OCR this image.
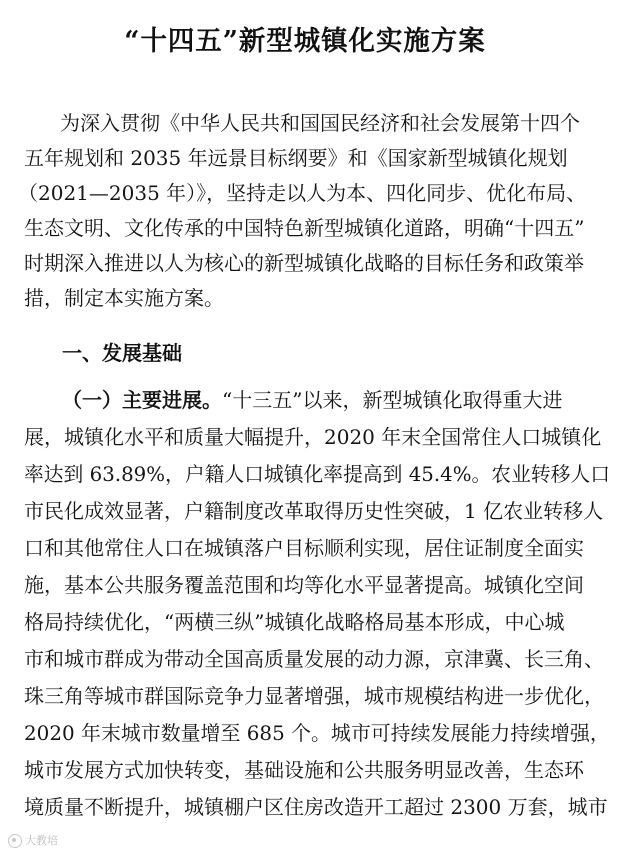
“十四五”新型城镇化实施方案
为深入贯彻《中华人民共和国国民经济和社会发展第十四个
五年规划和 2035 年远景目标纲要》和《国家新型城镇化规划
（2021—2035 年）》，坚持走以人为本、四化同步、优化布局、
生态文明、文化传承的中国特色新型城镇化道路，明确“十四五”
时期深入推进以人为核心的新型城镇化战略的目标任务和政策举
措，制定本实施方案。
一、发展基础
（一）主要进展。“十三五”以来，新型城镇化取得重大进
展，城镇化水平和质量大幅提升，2020 年末全国常住人口城镇化
率达到 63.89%，户籍人口城镇化率提高到 45.4%。农业转移人口
市民化成效显著，户籍制度改革取得历史性突破，1 亿农业转移人
口和其他常住人口在城镇落户目标顺利实现，居住证制度全面实
施，基本公共服务覆盖范围和均等化水平显著提高。城镇化空间
格局持续优化，“两横三纵”城镇化战略格局基本形成，中心城
市和城市群成为带动全国高质量发展的动力源，京津冀、长三角、
珠三角等城市群国际竞争力显著增强，城市规模结构进一步优化，
2020 年末城市数量增至 685 个。城市可持续发展能力持续增强，
城市发展方式加快转变，基础设施和公共服务明显改善，生态环
境质量不断提升，城镇棚户区住房改造开工超过 2300 万套，城市
大教培
